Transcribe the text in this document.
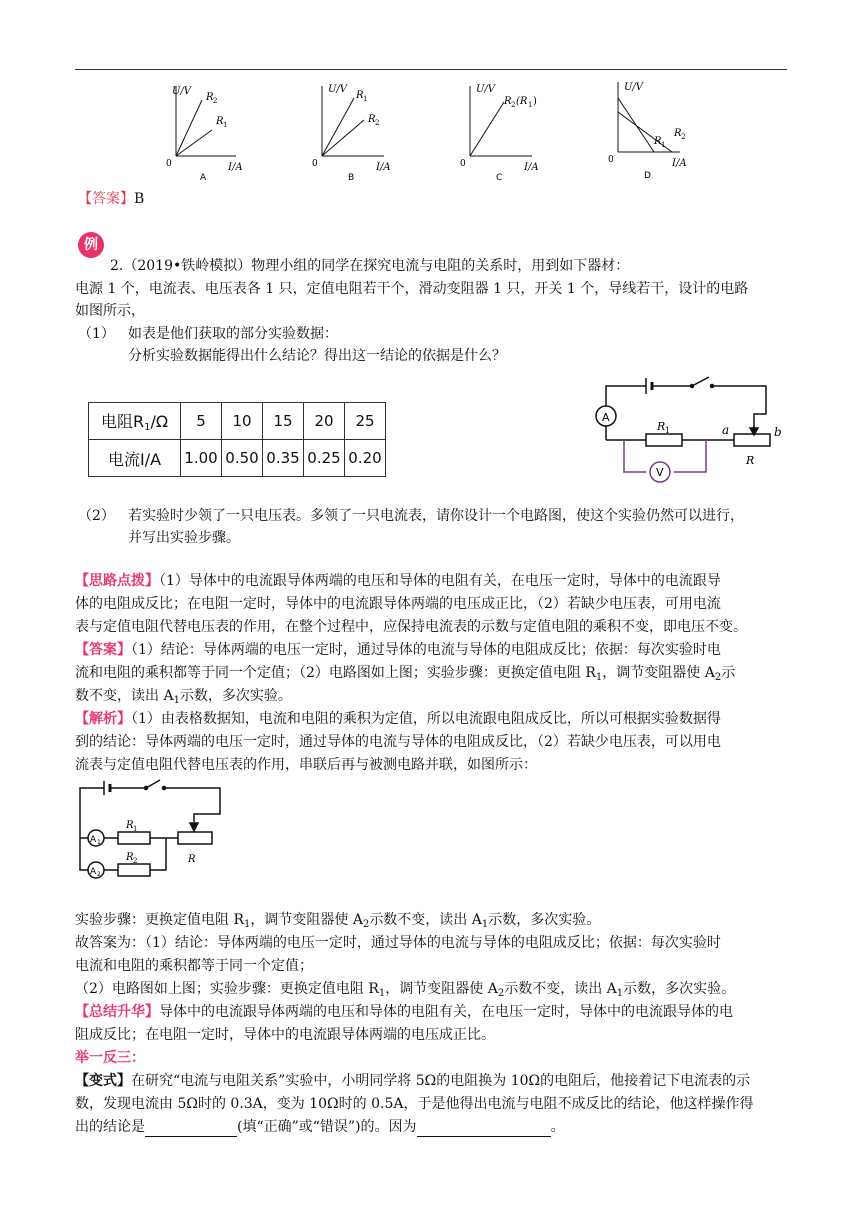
U/V
I/A
0
R 2
R 1
A
U/V
I/A
0
R 1
R 2
B
U/V
I/A
0
R 2 (R 1 )
C
U/V
I/A
0
R 1
R 2
D
【答案】B
例
2.（2019•铁岭模拟）物理小组的同学在探究电流与电阻的关系时，用到如下器材：
电源 1 个，电流表、电压表各 1 只，定值电阻若干个，滑动变阻器 1 只，开关 1 个，导线若干，设计的电路
如图所示，
（1） 如表是他们获取的部分实验数据：
分析实验数据能得出什么结论？得出这一结论的依据是什么？
电阻$R_1/\Omega$	5	10	15	20	25
电流I/A	1.00	0.50	0.35	0.25	0.20
A
R 1	a	b
R
V
（2） 若实验时少领了一只电压表。多领了一只电流表，请你设计一个电路图，使这个实验仍然可以进行，
并写出实验步骤。
【思路点拨】（1）导体中的电流跟导体两端的电压和导体的电阻有关，在电压一定时，导体中的电流跟导
体的电阻成反比；在电阻一定时，导体中的电流跟导体两端的电压成正比，（2）若缺少电压表，可用电流
表与定值电阻代替电压表的作用，在整个过程中，应保持电流表的示数与定值电阻的乘积不变，即电压不变。
【答案】（1）结论：导体两端的电压一定时，通过导体的电流与导体的电阻成反比；依据：每次实验时电
流和电阻的乘积都等于同一个定值；（2）电路图如上图；实验步骤：更换定值电阻 $R_1$，调节变阻器使 $A_2$示
数不变，读出 $A_1$示数，多次实验。
【解析】（1）由表格数据知，电流和电阻的乘积为定值，所以电流跟电阻成反比，所以可根据实验数据得
到的结论：导体两端的电压一定时，通过导体的电流与导体的电阻成反比，（2）若缺少电压表，可以用电
流表与定值电阻代替电压表的作用，串联后再与被测电路并联，如图所示：
A 1
A 2
R 1
R 2	R
实验步骤：更换定值电阻 $R_1$，调节变阻器使 $A_2$示数不变，读出 $A_1$示数，多次实验。
故答案为：（1）结论：导体两端的电压一定时，通过导体的电流与导体的电阻成反比；依据：每次实验时
电流和电阻的乘积都等于同一个定值；
（2）电路图如上图；实验步骤：更换定值电阻 $R_1$，调节变阻器使 $A_2$示数不变，读出 $A_1$示数，多次实验。
【总结升华】导体中的电流跟导体两端的电压和导体的电阻有关，在电压一定时，导体中的电流跟导体的电
阻成反比；在电阻一定时，导体中的电流跟导体两端的电压成正比。
举一反三：
【变式】在研究“电流与电阻关系”实验中，小明同学将 5Ω的电阻换为 10Ω的电阻后，他接着记下电流表的示
数，发现电流由 5Ω时的 0.3A，变为 10Ω时的 0.5A，于是他得出电流与电阻不成反比的结论，他这样操作得
出的结论是	(填“正确”或“错误”)的。因为	。
